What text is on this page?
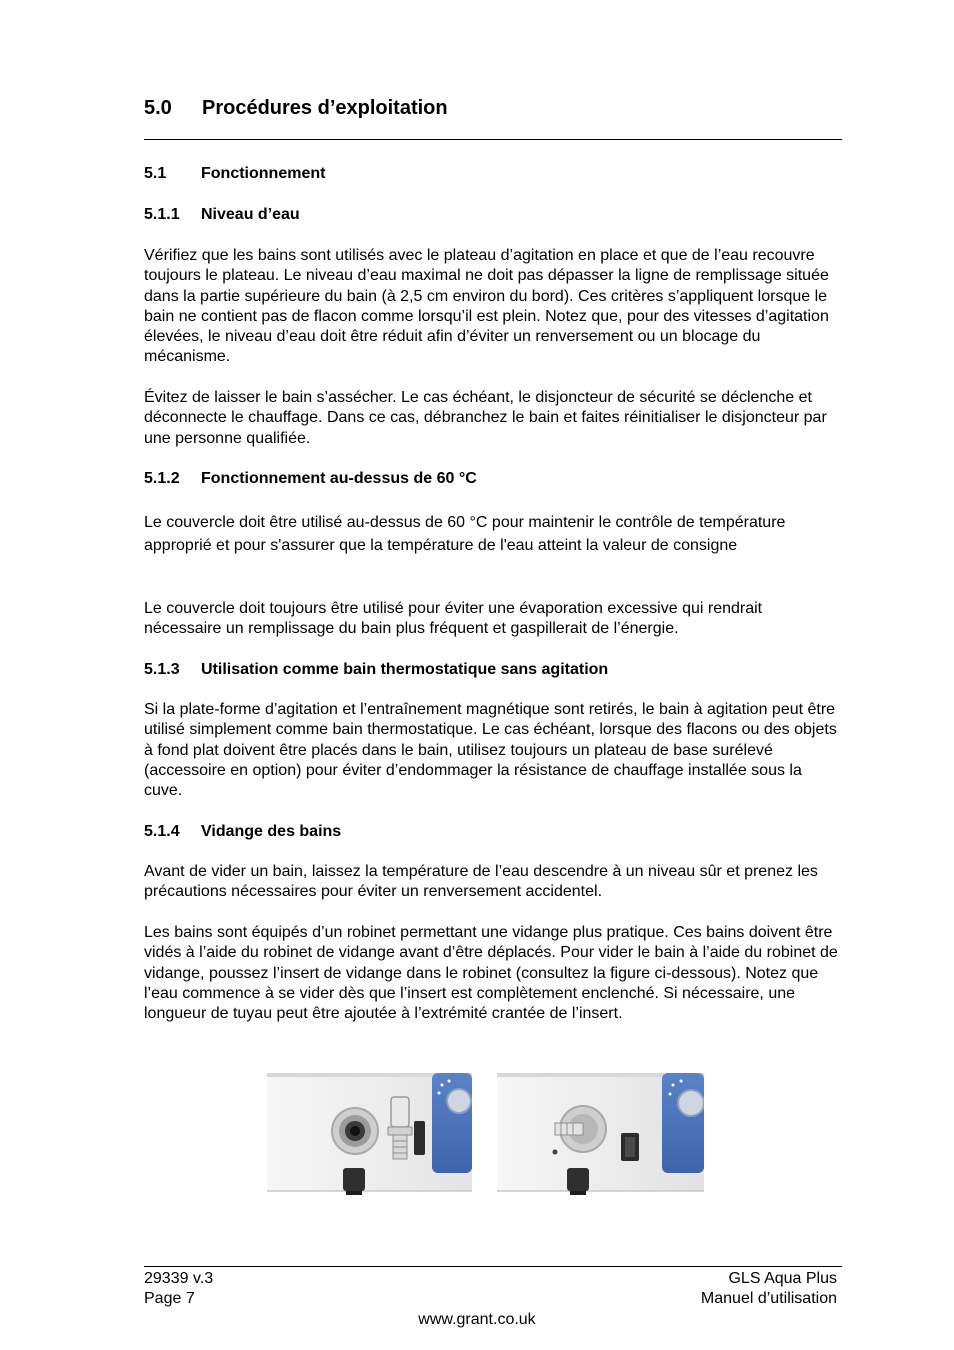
5.0 Procédures d’exploitation
5.1 Fonctionnement
5.1.1 Niveau d’eau

Vérifiez que les bains sont utilisés avec le plateau d’agitation en place et que de l’eau recouvre toujours le plateau. Le niveau d’eau maximal ne doit pas dépasser la ligne de remplissage située dans la partie supérieure du bain (à 2,5 cm environ du bord). Ces critères s’appliquent lorsque le bain ne contient pas de flacon comme lorsqu’il est plein. Notez que, pour des vitesses d’agitation élevées, le niveau d’eau doit être réduit afin d’éviter un renversement ou un blocage du mécanisme.

Évitez de laisser le bain s’assécher. Le cas échéant, le disjoncteur de sécurité se déclenche et déconnecte le chauffage. Dans ce cas, débranchez le bain et faites réinitialiser le disjoncteur par une personne qualifiée.

5.1.2 Fonctionnement au-dessus de 60 °C

Le couvercle doit être utilisé au-dessus de 60 °C pour maintenir le contrôle de température approprié et pour s'assurer que la température de l'eau atteint la valeur de consigne

Le couvercle doit toujours être utilisé pour éviter une évaporation excessive qui rendrait nécessaire un remplissage du bain plus fréquent et gaspillerait de l’énergie.

5.1.3 Utilisation comme bain thermostatique sans agitation

Si la plate-forme d’agitation et l’entraînement magnétique sont retirés, le bain à agitation peut être utilisé simplement comme bain thermostatique. Le cas échéant, lorsque des flacons ou des objets à fond plat doivent être placés dans le bain, utilisez toujours un plateau de base surélevé (accessoire en option) pour éviter d’endommager la résistance de chauffage installée sous la cuve.

5.1.4 Vidange des bains

Avant de vider un bain, laissez la température de l’eau descendre à un niveau sûr et prenez les précautions nécessaires pour éviter un renversement accidentel.

Les bains sont équipés d’un robinet permettant une vidange plus pratique. Ces bains doivent être vidés à l’aide du robinet de vidange avant d’être déplacés. Pour vider le bain à l’aide du robinet de vidange, poussez l’insert de vidange dans le robinet (consultez la figure ci-dessous). Notez que l’eau commence à se vider dès que l’insert est complètement enclenché. Si nécessaire, une longueur de tuyau peut être ajoutée à l’extrémité crantée de l’insert.

29339 v.3
Page 7
GLS Aqua Plus
Manuel d’utilisation
www.grant.co.uk
